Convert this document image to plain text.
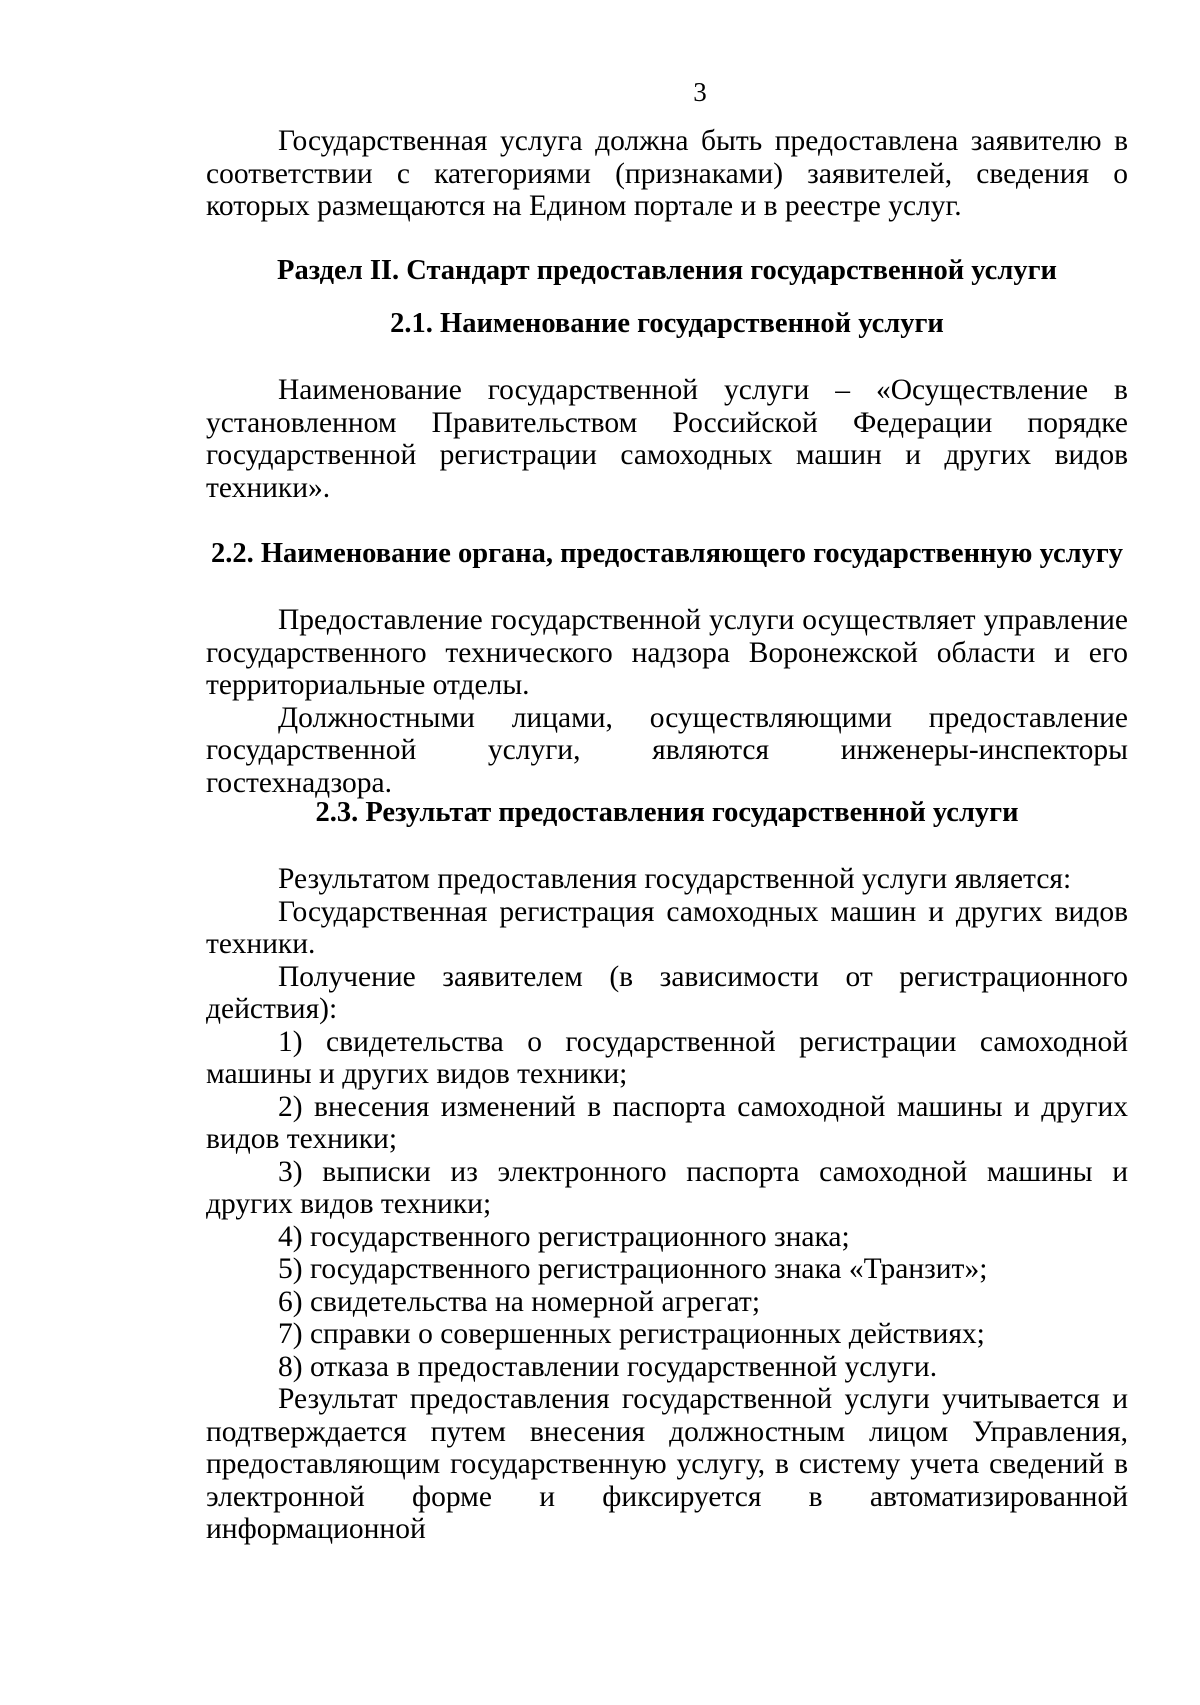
3

Государственная услуга должна быть предоставлена заявителю в соответствии с категориями (признаками) заявителей, сведения о которых размещаются на Едином портале и в реестре услуг.

Раздел II. Стандарт предоставления государственной услуги
2.1. Наименование государственной услуги

Наименование государственной услуги – «Осуществление в установленном Правительством Российской Федерации порядке государственной регистрации самоходных машин и других видов техники».

2.2. Наименование органа, предоставляющего государственную услугу

Предоставление государственной услуги осуществляет управление государственного технического надзора Воронежской области и его территориальные отделы.

Должностными лицами, осуществляющими предоставление государственной услуги, являются инженеры-инспекторы гостехнадзора.

2.3. Результат предоставления государственной услуги

Результатом предоставления государственной услуги является:

Государственная регистрация самоходных машин и других видов техники.

Получение заявителем (в зависимости от регистрационного действия):

1) свидетельства о государственной регистрации самоходной машины и других видов техники;

2) внесения изменений в паспорта самоходной машины и других видов техники;

3) выписки из электронного паспорта самоходной машины и других видов техники;

4) государственного регистрационного знака;

5) государственного регистрационного знака «Транзит»;

6) свидетельства на номерной агрегат;

7) справки о совершенных регистрационных действиях;

8) отказа в предоставлении государственной услуги.

Результат предоставления государственной услуги учитывается и подтверждается путем внесения должностным лицом Управления, предоставляющим государственную услугу, в систему учета сведений в электронной форме и фиксируется в автоматизированной информационной
